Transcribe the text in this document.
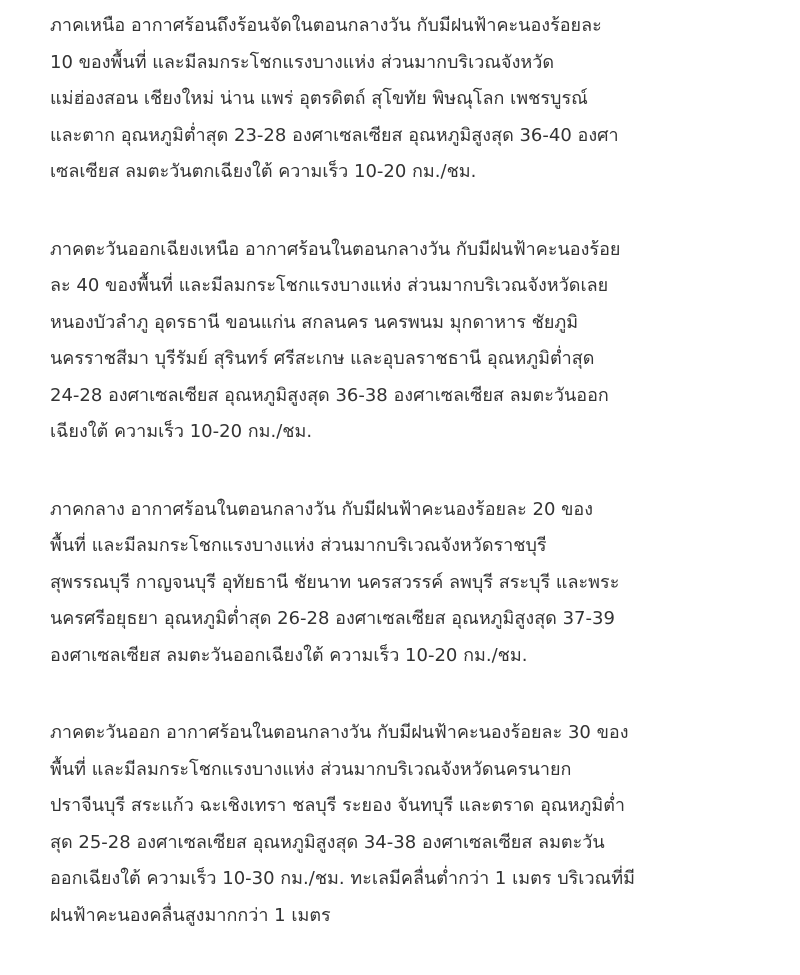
ภาคเหนือ อากาศร้อนถึงร้อนจัดในตอนกลางวัน กับมีฝนฟ้าคะนองร้อยละ
10 ของพื้นที่ และมีลมกระโชกแรงบางแห่ง ส่วนมากบริเวณจังหวัด
แม่ฮ่องสอน เชียงใหม่ น่าน แพร่ อุตรดิตถ์ สุโขทัย พิษณุโลก เพชรบูรณ์
และตาก อุณหภูมิต่ำสุด 23-28 องศาเซลเซียส อุณหภูมิสูงสุด 36-40 องศา
เซลเซียส ลมตะวันตกเฉียงใต้ ความเร็ว 10-20 กม./ชม.

ภาคตะวันออกเฉียงเหนือ อากาศร้อนในตอนกลางวัน กับมีฝนฟ้าคะนองร้อย
ละ 40 ของพื้นที่ และมีลมกระโชกแรงบางแห่ง ส่วนมากบริเวณจังหวัดเลย
หนองบัวลำภู อุดรธานี ขอนแก่น สกลนคร นครพนม มุกดาหาร ชัยภูมิ
นครราชสีมา บุรีรัมย์ สุรินทร์ ศรีสะเกษ และอุบลราชธานี อุณหภูมิต่ำสุด
24-28 องศาเซลเซียส อุณหภูมิสูงสุด 36-38 องศาเซลเซียส ลมตะวันออก
เฉียงใต้ ความเร็ว 10-20 กม./ชม.

ภาคกลาง อากาศร้อนในตอนกลางวัน กับมีฝนฟ้าคะนองร้อยละ 20 ของ
พื้นที่ และมีลมกระโชกแรงบางแห่ง ส่วนมากบริเวณจังหวัดราชบุรี
สุพรรณบุรี กาญจนบุรี อุทัยธานี ชัยนาท นครสวรรค์ ลพบุรี สระบุรี และพระ
นครศรีอยุธยา อุณหภูมิต่ำสุด 26-28 องศาเซลเซียส อุณหภูมิสูงสุด 37-39
องศาเซลเซียส ลมตะวันออกเฉียงใต้ ความเร็ว 10-20 กม./ชม.

ภาคตะวันออก อากาศร้อนในตอนกลางวัน กับมีฝนฟ้าคะนองร้อยละ 30 ของ
พื้นที่ และมีลมกระโชกแรงบางแห่ง ส่วนมากบริเวณจังหวัดนครนายก
ปราจีนบุรี สระแก้ว ฉะเชิงเทรา ชลบุรี ระยอง จันทบุรี และตราด อุณหภูมิต่ำ
สุด 25-28 องศาเซลเซียส อุณหภูมิสูงสุด 34-38 องศาเซลเซียส ลมตะวัน
ออกเฉียงใต้ ความเร็ว 10-30 กม./ชม. ทะเลมีคลื่นต่ำกว่า 1 เมตร บริเวณที่มี
ฝนฟ้าคะนองคลื่นสูงมากกว่า 1 เมตร
